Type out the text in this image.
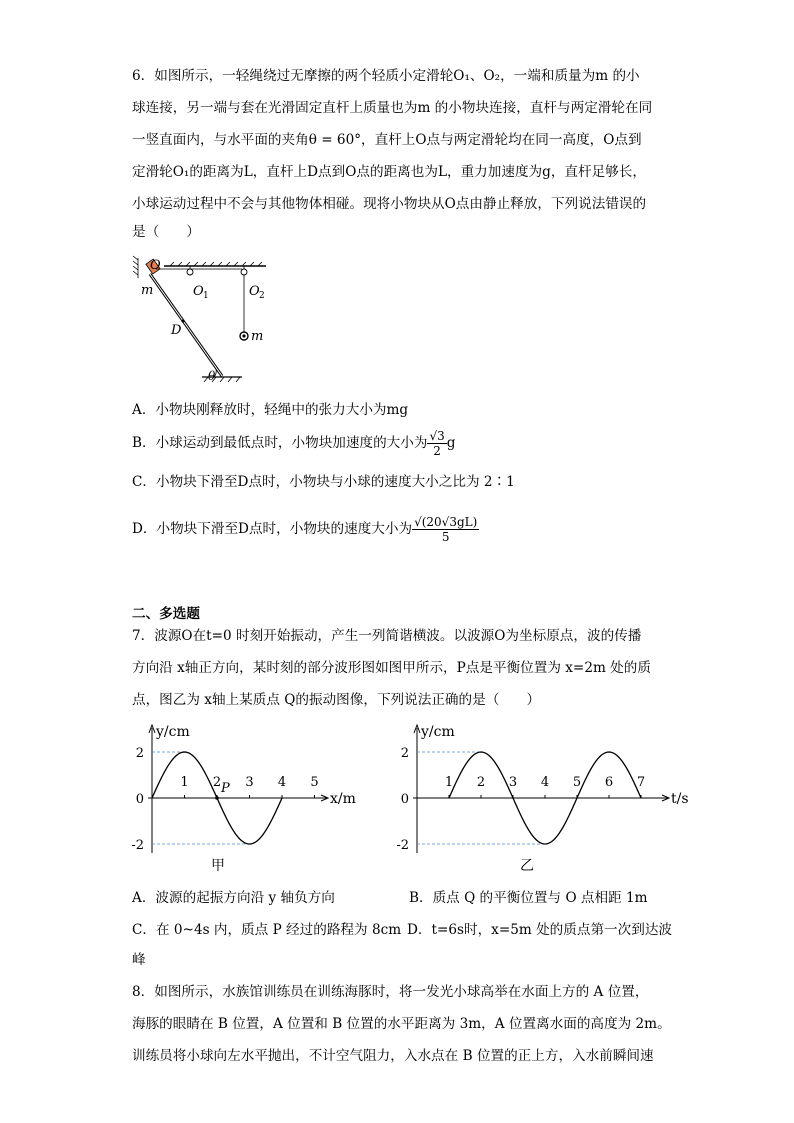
6．如图所示，一轻绳绕过无摩擦的两个轻质小定滑轮O₁、O₂，一端和质量为m 的小
球连接，另一端与套在光滑固定直杆上质量也为m 的小物块连接，直杆与两定滑轮在同
一竖直面内，与水平面的夹角θ = 60°，直杆上O点与两定滑轮均在同一高度，O点到
定滑轮O₁的距离为L，直杆上D点到O点的距离也为L，重力加速度为g，直杆足够长，
小球运动过程中不会与其他物体相碰。现将小物块从O点由静止释放，下列说法错误的
是（　　）
O
m	O 1	O 2
D	m
θ
A．小物块刚释放时，轻绳中的张力大小为mg
B．小球运动到最低点时，小物块加速度的大小为 $\frac{√3}{2}$ g
C．小物块下滑至D点时，小物块与小球的速度大小之比为 2∶1
D．小物块下滑至D点时，小物块的速度大小为 $\frac{√(20√3gL)}{5}$
二、多选题
7．波源O在t=0 时刻开始振动，产生一列简谐横波。以波源O为坐标原点，波的传播
方向沿 x轴正方向，某时刻的部分波形图如图甲所示，P点是平衡位置为 x=2m 处的质
点，图乙为 x轴上某质点 Q的振动图像，下列说法正确的是（　　）
y/cm
x/m
2
0
-2
1 2 3 4 5
甲
P
y/cm
t/s
2
0
-2
1 2 3 4 5 6 7
乙
A．波源的起振方向沿 y 轴负方向	B．质点 Q 的平衡位置与 O 点相距 1m
C．在 0~4s 内，质点 P 经过的路程为 8cm D．t=6s时，x=5m 处的质点第一次到达波
峰
8．如图所示，水族馆训练员在训练海豚时，将一发光小球高举在水面上方的 A 位置，
海豚的眼睛在 B 位置，A 位置和 B 位置的水平距离为 3m，A 位置离水面的高度为 2m。
训练员将小球向左水平抛出，不计空气阻力，入水点在 B 位置的正上方，入水前瞬间速
